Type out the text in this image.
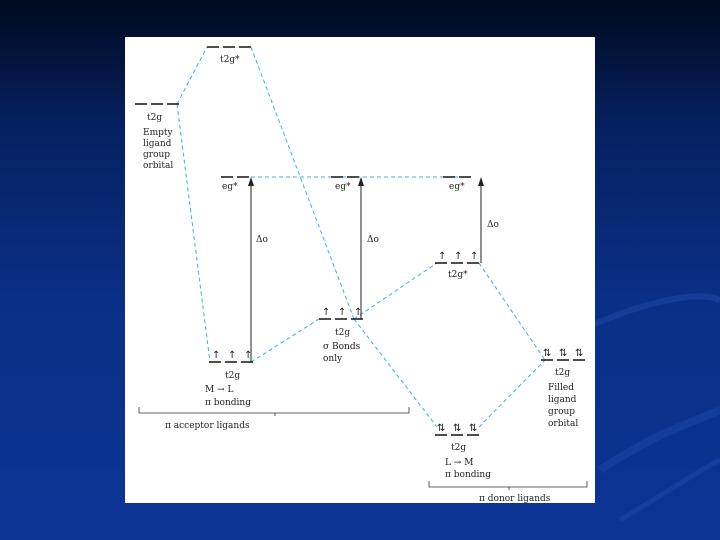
t2g*
t2g
Empty
ligand
group
orbital
eg*
Δo
↑ ↑ ↑
t2g
M → L
π bonding
π acceptor ligands
eg*
Δo
↑ ↑ ↑
t2g
σ Bonds
only
eg*
Δo
↑ ↑ ↑
t2g*
⇅ ⇅ ⇅
t2g
L → M
π bonding
⇅ ⇅ ⇅
t2g
Filled
ligand
group
orbital
π donor ligands
